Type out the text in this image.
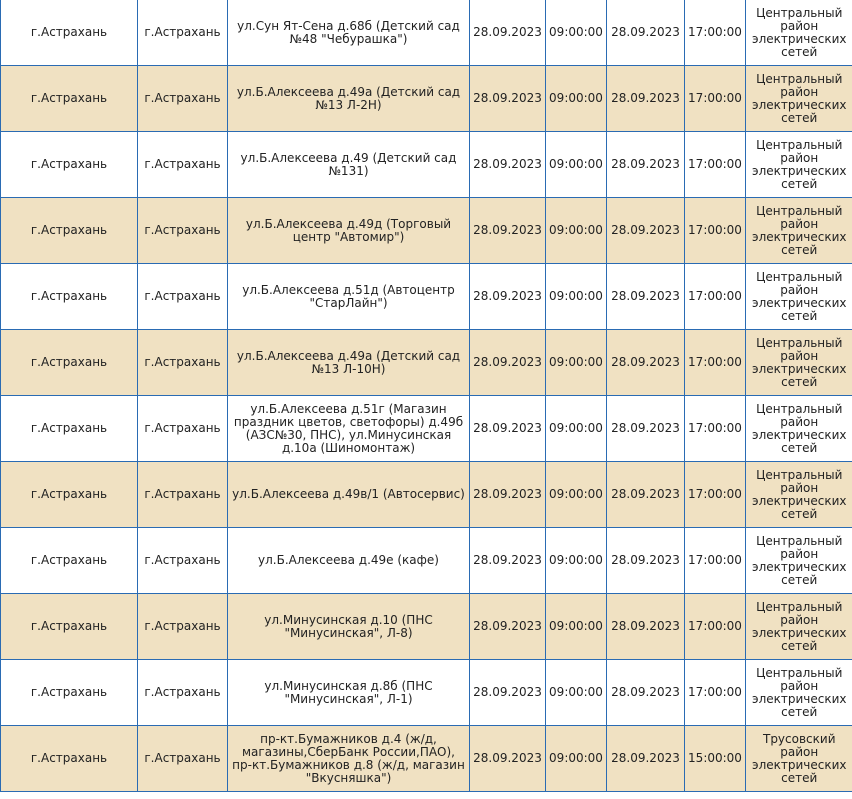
г.Астрахань	г.Астрахань	ул.Сун Ят-Сена д.68б (Детский сад №48 "Чебурашка")	28.09.2023	09:00:00	28.09.2023	17:00:00	Центральный район электрических сетей
г.Астрахань	г.Астрахань	ул.Б.Алексеева д.49а (Детский сад №13 Л-2Н)	28.09.2023	09:00:00	28.09.2023	17:00:00	Центральный район электрических сетей
г.Астрахань	г.Астрахань	ул.Б.Алексеева д.49 (Детский сад №131)	28.09.2023	09:00:00	28.09.2023	17:00:00	Центральный район электрических сетей
г.Астрахань	г.Астрахань	ул.Б.Алексеева д.49д (Торговый центр "Автомир")	28.09.2023	09:00:00	28.09.2023	17:00:00	Центральный район электрических сетей
г.Астрахань	г.Астрахань	ул.Б.Алексеева д.51д (Автоцентр "СтарЛайн")	28.09.2023	09:00:00	28.09.2023	17:00:00	Центральный район электрических сетей
г.Астрахань	г.Астрахань	ул.Б.Алексеева д.49а (Детский сад №13 Л-10Н)	28.09.2023	09:00:00	28.09.2023	17:00:00	Центральный район электрических сетей
г.Астрахань	г.Астрахань	ул.Б.Алексеева д.51г (Магазин праздник цветов, светофоры) д.49б (АЗС№30, ПНС), ул.Минусинская д.10а (Шиномонтаж)	28.09.2023	09:00:00	28.09.2023	17:00:00	Центральный район электрических сетей
г.Астрахань	г.Астрахань	ул.Б.Алексеева д.49в/1 (Автосервис)	28.09.2023	09:00:00	28.09.2023	17:00:00	Центральный район электрических сетей
г.Астрахань	г.Астрахань	ул.Б.Алексеева д.49е (кафе)	28.09.2023	09:00:00	28.09.2023	17:00:00	Центральный район электрических сетей
г.Астрахань	г.Астрахань	ул.Минусинская д.10 (ПНС "Минусинская", Л-8)	28.09.2023	09:00:00	28.09.2023	17:00:00	Центральный район электрических сетей
г.Астрахань	г.Астрахань	ул.Минусинская д.8б (ПНС "Минусинская", Л-1)	28.09.2023	09:00:00	28.09.2023	17:00:00	Центральный район электрических сетей
г.Астрахань	г.Астрахань	пр-кт.Бумажников д.4 (ж/д, магазины,СберБанк России,ПАО), пр-кт.Бумажников д.8 (ж/д, магазин "Вкусняшка")	28.09.2023	09:00:00	28.09.2023	15:00:00	Трусовский район электрических сетей
